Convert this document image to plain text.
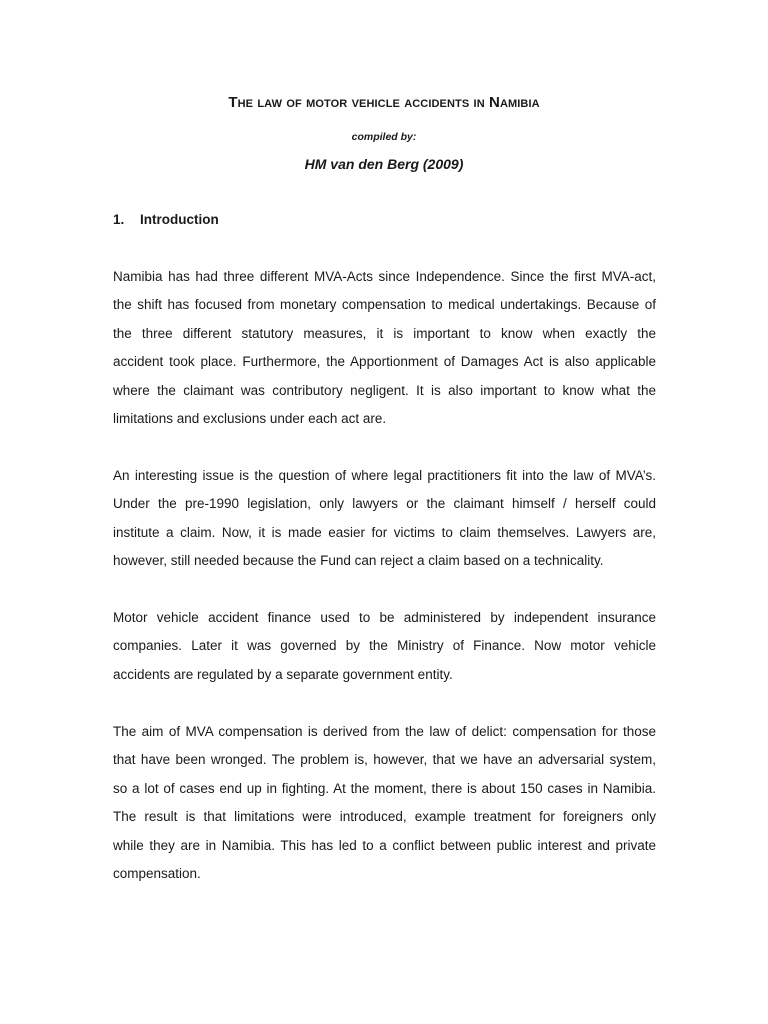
The law of motor vehicle accidents in Namibia

compiled by:

HM van den Berg (2009)

1.	Introduction
Namibia has had three different MVA-Acts since Independence. Since the first MVA-act,
the shift has focused from monetary compensation to medical undertakings. Because of
the three different statutory measures, it is important to know when exactly the
accident took place. Furthermore, the Apportionment of Damages Act is also applicable
where the claimant was contributory negligent. It is also important to know what the
limitations and exclusions under each act are.
An interesting issue is the question of where legal practitioners fit into the law of MVA’s.
Under the pre-1990 legislation, only lawyers or the claimant himself / herself could
institute a claim. Now, it is made easier for victims to claim themselves. Lawyers are,
however, still needed because the Fund can reject a claim based on a technicality.
Motor vehicle accident finance used to be administered by independent insurance
companies. Later it was governed by the Ministry of Finance. Now motor vehicle
accidents are regulated by a separate government entity.
The aim of MVA compensation is derived from the law of delict: compensation for those
that have been wronged. The problem is, however, that we have an adversarial system,
so a lot of cases end up in fighting. At the moment, there is about 150 cases in Namibia.
The result is that limitations were introduced, example treatment for foreigners only
while they are in Namibia. This has led to a conflict between public interest and private
compensation.
